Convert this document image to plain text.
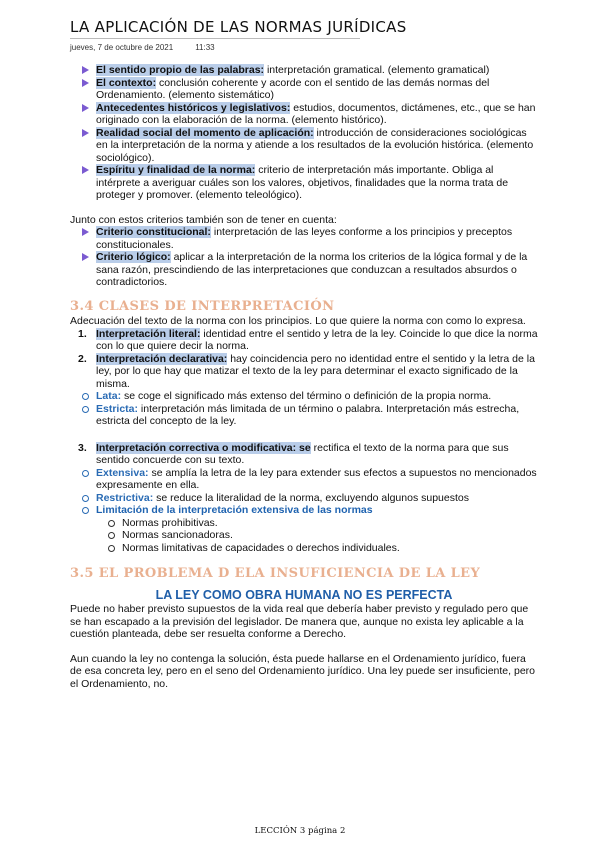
LA APLICACIÓN DE LAS NORMAS JURÍDICAS
jueves, 7 de octubre de 2021	11:33
El sentido propio de las palabras: interpretación gramatical. (elemento gramatical)
El contexto: conclusión coherente y acorde con el sentido de las demás normas del Ordenamiento. (elemento sistemático)
Antecedentes históricos y legislativos: estudios, documentos, dictámenes, etc., que se han originado con la elaboración de la norma. (elemento histórico).
Realidad social del momento de aplicación: introducción de consideraciones sociológicas en la interpretación de la norma y atiende a los resultados de la evolución histórica. (elemento sociológico).
Espíritu y finalidad de la norma: criterio de interpretación más importante. Obliga al intérprete a averiguar cuáles son los valores, objetivos, finalidades que la norma trata de proteger y promover. (elemento teleológico).

Junto con estos criterios también son de tener en cuenta:

Criterio constitucional: interpretación de las leyes conforme a los principios y preceptos constitucionales.
Criterio lógico: aplicar a la interpretación de la norma los criterios de la lógica formal y de la sana razón, prescindiendo de las interpretaciones que conduzcan a resultados absurdos o contradictorios.
3.4 CLASES DE INTERPRETACIÓN

Adecuación del texto de la norma con los principios. Lo que quiere la norma con como lo expresa.

1. Interpretación literal: identidad entre el sentido y letra de la ley. Coincide lo que dice la norma con lo que quiere decir la norma.
2. Interpretación declarativa: hay coincidencia pero no identidad entre el sentido y la letra de la ley, por lo que hay que matizar el texto de la ley para determinar el exacto significado de la misma.
Lata: se coge el significado más extenso del término o definición de la propia norma.
Estricta: interpretación más limitada de un término o palabra. Interpretación más estrecha, estricta del concepto de la ley.
3. Interpretación correctiva o modificativa: se rectifica el texto de la norma para que sus sentido concuerde con su texto.
Extensiva: se amplía la letra de la ley para extender sus efectos a supuestos no mencionados expresamente en ella.
Restrictiva: se reduce la literalidad de la norma, excluyendo algunos supuestos
Limitación de la interpretación extensiva de las normas
Normas prohibitivas.
Normas sancionadoras.
Normas limitativas de capacidades o derechos individuales.
3.5 EL PROBLEMA D ELA INSUFICIENCIA DE LA LEY
LA LEY COMO OBRA HUMANA NO ES PERFECTA

Puede no haber previsto supuestos de la vida real que debería haber previsto y regulado pero que se han escapado a la previsión del legislador. De manera que, aunque no exista ley aplicable a la cuestión planteada, debe ser resuelta conforme a Derecho.

Aun cuando la ley no contenga la solución, ésta puede hallarse en el Ordenamiento jurídico, fuera de esa concreta ley, pero en el seno del Ordenamiento jurídico. Una ley puede ser insuficiente, pero el Ordenamiento, no.

LECCIÓN 3 página 2
